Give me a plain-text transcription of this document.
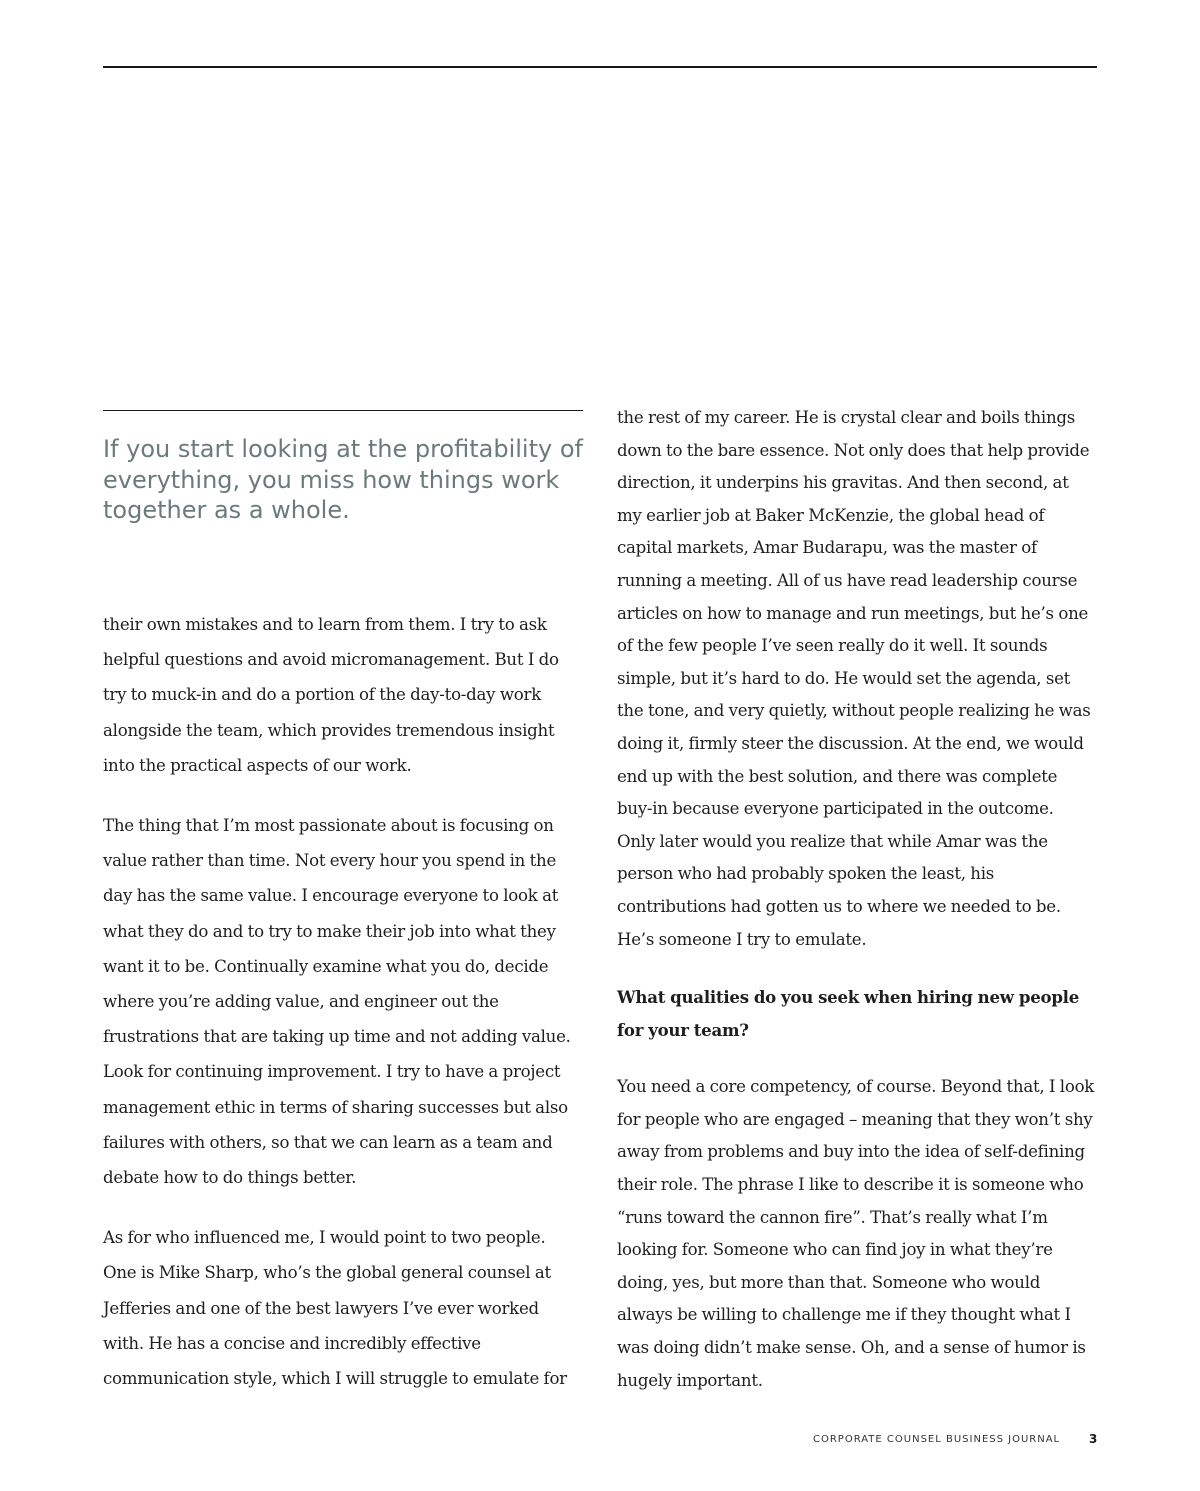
If you start looking at the profitability of everything, you miss how things work together as a whole.

their own mistakes and to learn from them. I try to ask helpful questions and avoid micromanagement. But I do try to muck-in and do a portion of the day-to-day work alongside the team, which provides tremendous insight into the practical aspects of our work.

The thing that I’m most passionate about is focusing on value rather than time. Not every hour you spend in the day has the same value. I encourage everyone to look at what they do and to try to make their job into what they want it to be. Continually examine what you do, decide where you’re adding value, and engineer out the frustrations that are taking up time and not adding value. Look for continuing improvement. I try to have a project management ethic in terms of sharing successes but also failures with others, so that we can learn as a team and debate how to do things better.

As for who influenced me, I would point to two people. One is Mike Sharp, who’s the global general counsel at Jefferies and one of the best lawyers I’ve ever worked with. He has a concise and incredibly effective communication style, which I will struggle to emulate for

the rest of my career. He is crystal clear and boils things down to the bare essence. Not only does that help provide direction, it underpins his gravitas. And then second, at my earlier job at Baker McKenzie, the global head of capital markets, Amar Budarapu, was the master of running a meeting. All of us have read leadership course articles on how to manage and run meetings, but he’s one of the few people I’ve seen really do it well. It sounds simple, but it’s hard to do. He would set the agenda, set the tone, and very quietly, without people realizing he was doing it, firmly steer the discussion. At the end, we would end up with the best solution, and there was complete buy-in because everyone participated in the outcome. Only later would you realize that while Amar was the person who had probably spoken the least, his contributions had gotten us to where we needed to be. He’s someone I try to emulate.

What qualities do you seek when hiring new people for your team?

You need a core competency, of course. Beyond that, I look for people who are engaged – meaning that they won’t shy away from problems and buy into the idea of self-defining their role. The phrase I like to describe it is someone who “runs toward the cannon fire”. That’s really what I’m looking for. Someone who can find joy in what they’re doing, yes, but more than that. Someone who would always be willing to challenge me if they thought what I was doing didn’t make sense. Oh, and a sense of humor is hugely important.

CORPORATE COUNSEL BUSINESS JOURNAL 3
